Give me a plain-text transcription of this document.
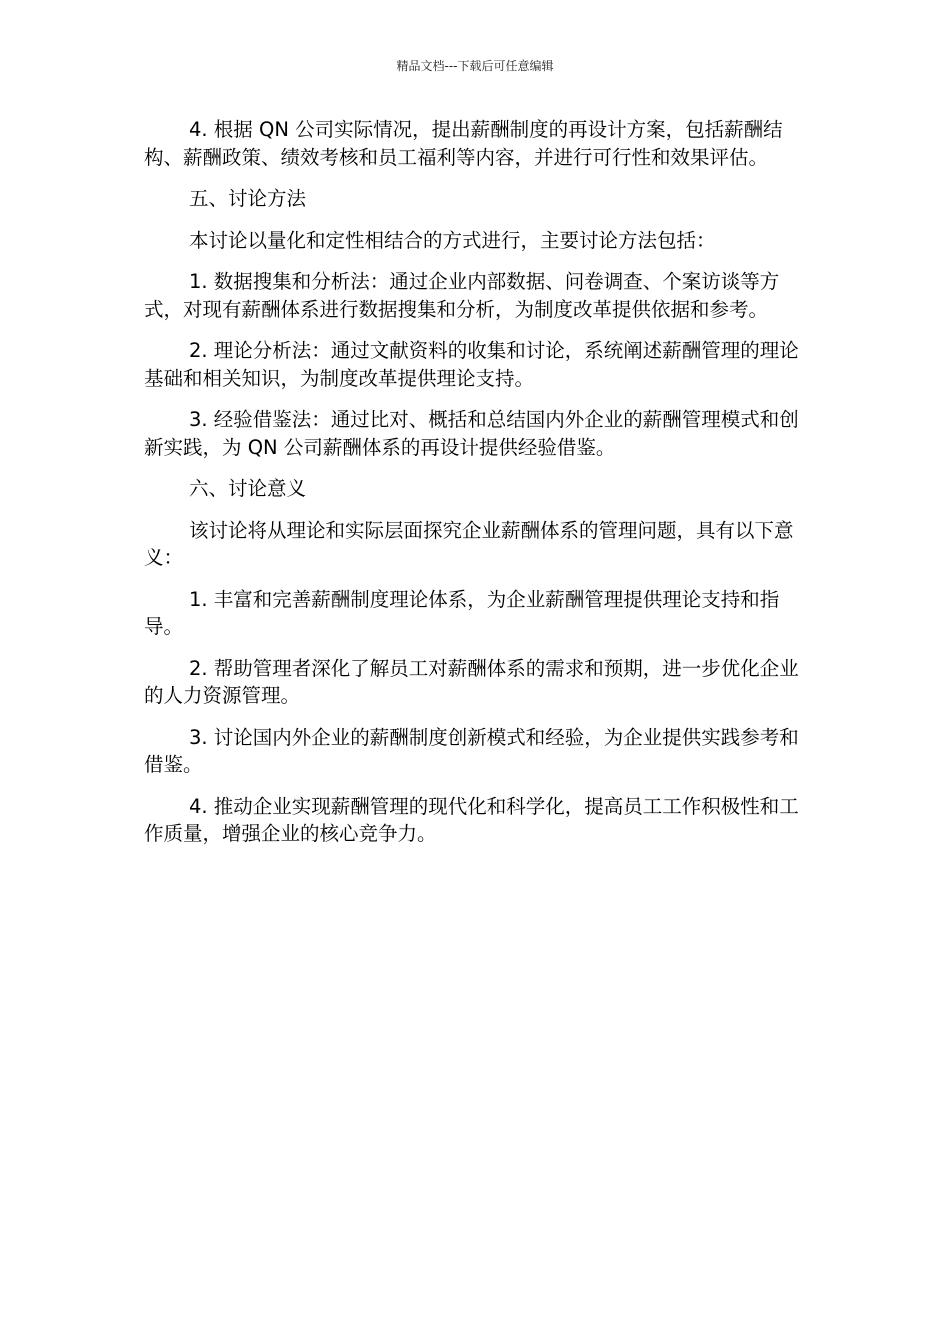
精品文档---下载后可任意编辑

4. 根据 QN 公司实际情况，提出薪酬制度的再设计方案，包括薪酬结构、薪酬政策、绩效考核和员工福利等内容，并进行可行性和效果评估。

五、讨论方法

本讨论以量化和定性相结合的方式进行，主要讨论方法包括：

1. 数据搜集和分析法：通过企业内部数据、问卷调查、个案访谈等方式，对现有薪酬体系进行数据搜集和分析，为制度改革提供依据和参考。

2. 理论分析法：通过文献资料的收集和讨论，系统阐述薪酬管理的理论基础和相关知识，为制度改革提供理论支持。

3. 经验借鉴法：通过比对、概括和总结国内外企业的薪酬管理模式和创新实践，为 QN 公司薪酬体系的再设计提供经验借鉴。

六、讨论意义

该讨论将从理论和实际层面探究企业薪酬体系的管理问题，具有以下意义：

1. 丰富和完善薪酬制度理论体系，为企业薪酬管理提供理论支持和指导。

2. 帮助管理者深化了解员工对薪酬体系的需求和预期，进一步优化企业的人力资源管理。

3. 讨论国内外企业的薪酬制度创新模式和经验，为企业提供实践参考和借鉴。

4. 推动企业实现薪酬管理的现代化和科学化，提高员工工作积极性和工作质量，增强企业的核心竞争力。
